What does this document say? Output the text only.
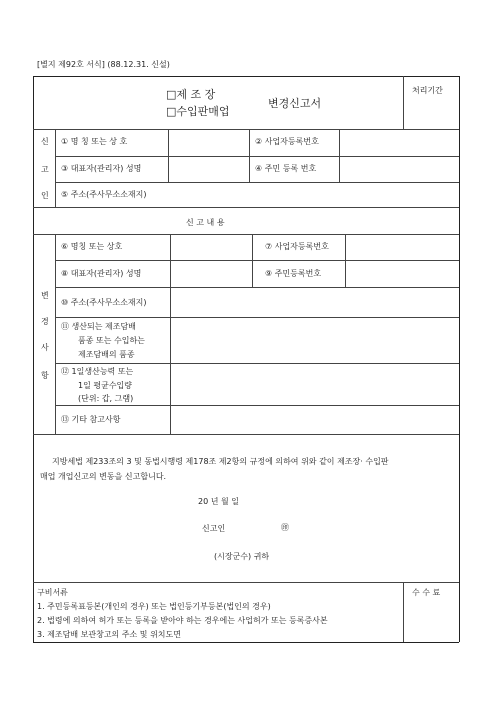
[별지 제92호 서식] (88.12.31. 신설)
□제 조 장
□수입판매업
변경신고서
처리기간
신
고
인
① 명 칭 또는 상 호	② 사업자등록번호
③ 대표자(관리자) 성명	④ 주민 등록 번호
⑤ 주소(주사무소소재지)
신 고 내 용
변
경
사
항
⑥ 명칭 또는 상호	⑦ 사업자등록번호
⑧ 대표자(관리자) 성명	⑨ 주민등록번호
⑩ 주소(주사무소소재지)
⑪ 생산되는 제조담배
품종 또는 수입하는
제조담배의 품종
⑫ 1일생산능력 또는
1일 평균수입량
(단위: 갑, 그램)
⑬ 기타 참고사항
지방세법 제233조의 3 및 동법시행령 제178조 제2항의 규정에 의하여 위와 같이 제조장· 수입판
매업 개업신고의 변동을 신고합니다.
20 년 월 일
신고인	㊞
(시장군수) 귀하
구비서류	수 수 료
1. 주민등록표등본(개인의 경우) 또는 법인등기부등본(법인의 경우)
2. 법령에 의하여 허가 또는 등록을 받아야 하는 경우에는 사업허가 또는 등록증사본
3. 제조담배 보관창고의 주소 및 위치도면
